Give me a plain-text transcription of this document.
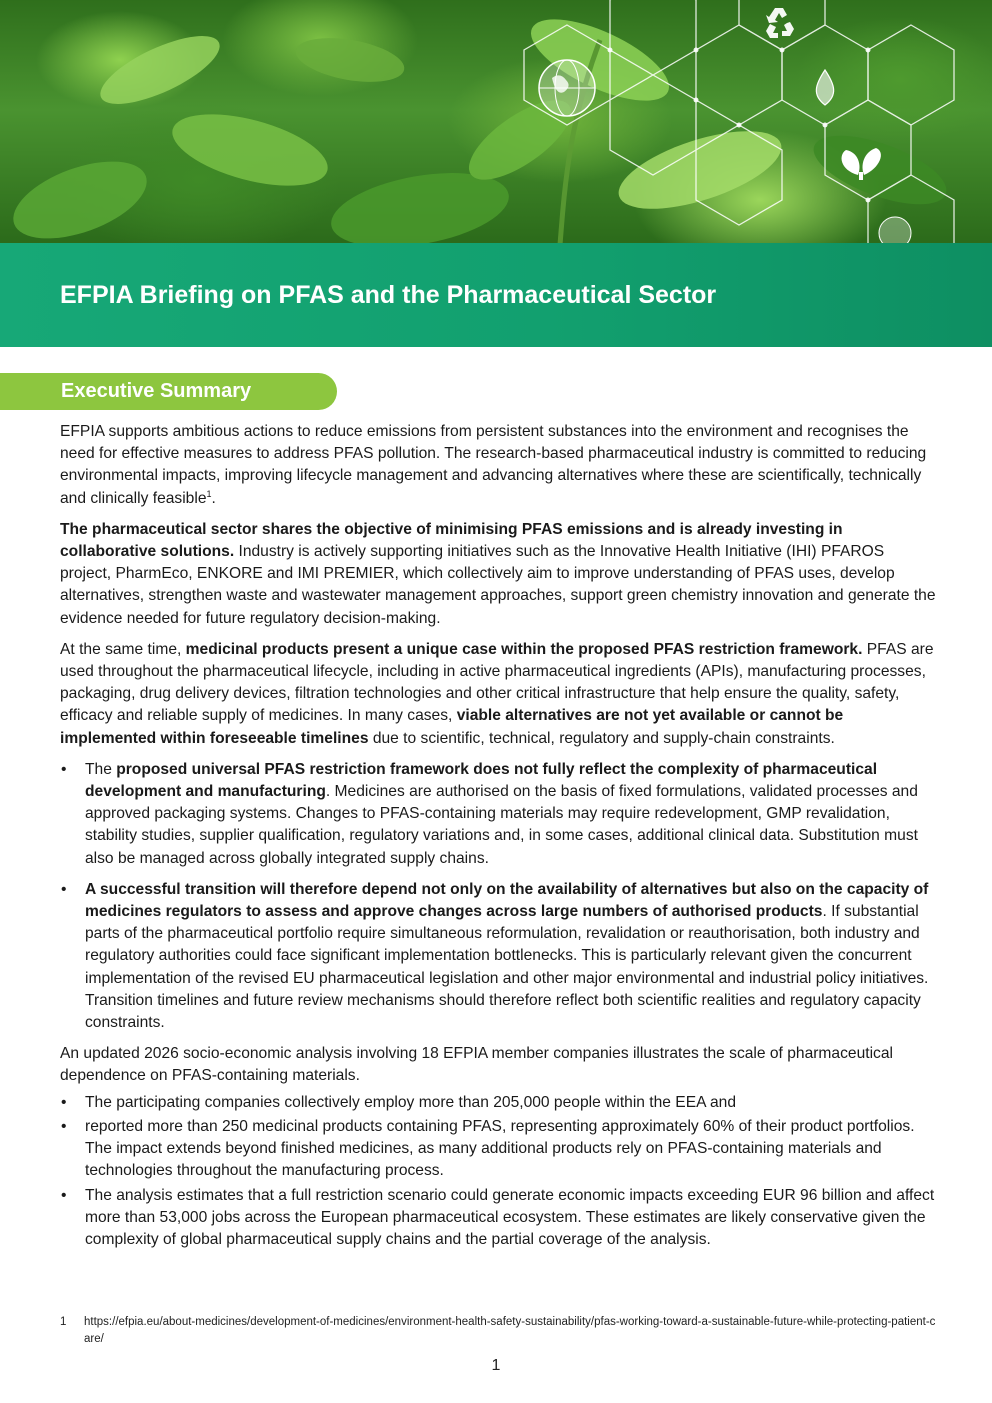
EFPIA Briefing on PFAS and the Pharmaceutical Sector
Executive Summary

EFPIA supports ambitious actions to reduce emissions from persistent substances into the environment and recognises the need for effective measures to address PFAS pollution. The research-based pharmaceutical industry is committed to reducing environmental impacts, improving lifecycle management and advancing alternatives where these are scientifically, technically and clinically feasible$^1$.

The pharmaceutical sector shares the objective of minimising PFAS emissions and is already investing in collaborative solutions. Industry is actively supporting initiatives such as the Innovative Health Initiative (IHI) PFAROS project, PharmEco, ENKORE and IMI PREMIER, which collectively aim to improve understanding of PFAS uses, develop alternatives, strengthen waste and wastewater management approaches, support green chemistry innovation and generate the evidence needed for future regulatory decision-making.

At the same time, medicinal products present a unique case within the proposed PFAS restriction framework. PFAS are used throughout the pharmaceutical lifecycle, including in active pharmaceutical ingredients (APIs), manufacturing processes, packaging, drug delivery devices, filtration technologies and other critical infrastructure that help ensure the quality, safety, efficacy and reliable supply of medicines. In many cases, viable alternatives are not yet available or cannot be implemented within foreseeable timelines due to scientific, technical, regulatory and supply-chain constraints.

• The proposed universal PFAS restriction framework does not fully reflect the complexity of pharmaceutical development and manufacturing. Medicines are authorised on the basis of fixed formulations, validated processes and approved packaging systems. Changes to PFAS-containing materials may require redevelopment, GMP revalidation, stability studies, supplier qualification, regulatory variations and, in some cases, additional clinical data. Substitution must also be managed across globally integrated supply chains.
• A successful transition will therefore depend not only on the availability of alternatives but also on the capacity of medicines regulators to assess and approve changes across large numbers of authorised products. If substantial parts of the pharmaceutical portfolio require simultaneous reformulation, revalidation or reauthorisation, both industry and regulatory authorities could face significant implementation bottlenecks. This is particularly relevant given the concurrent implementation of the revised EU pharmaceutical legislation and other major environmental and industrial policy initiatives. Transition timelines and future review mechanisms should therefore reflect both scientific realities and regulatory capacity constraints.

An updated 2026 socio-economic analysis involving 18 EFPIA member companies illustrates the scale of pharmaceutical dependence on PFAS-containing materials.

• The participating companies collectively employ more than 205,000 people within the EEA and
• reported more than 250 medicinal products containing PFAS, representing approximately 60% of their product portfolios. The impact extends beyond finished medicines, as many additional products rely on PFAS-containing materials and technologies throughout the manufacturing process.
• The analysis estimates that a full restriction scenario could generate economic impacts exceeding EUR 96 billion and affect more than 53,000 jobs across the European pharmaceutical ecosystem. These estimates are likely conservative given the complexity of global pharmaceutical supply chains and the partial coverage of the analysis.
1	https://efpia.eu/about-medicines/development-of-medicines/environment-health-safety-sustainability/pfas-working-toward-a-sustainable-future-while-protecting-patient-care/
1
